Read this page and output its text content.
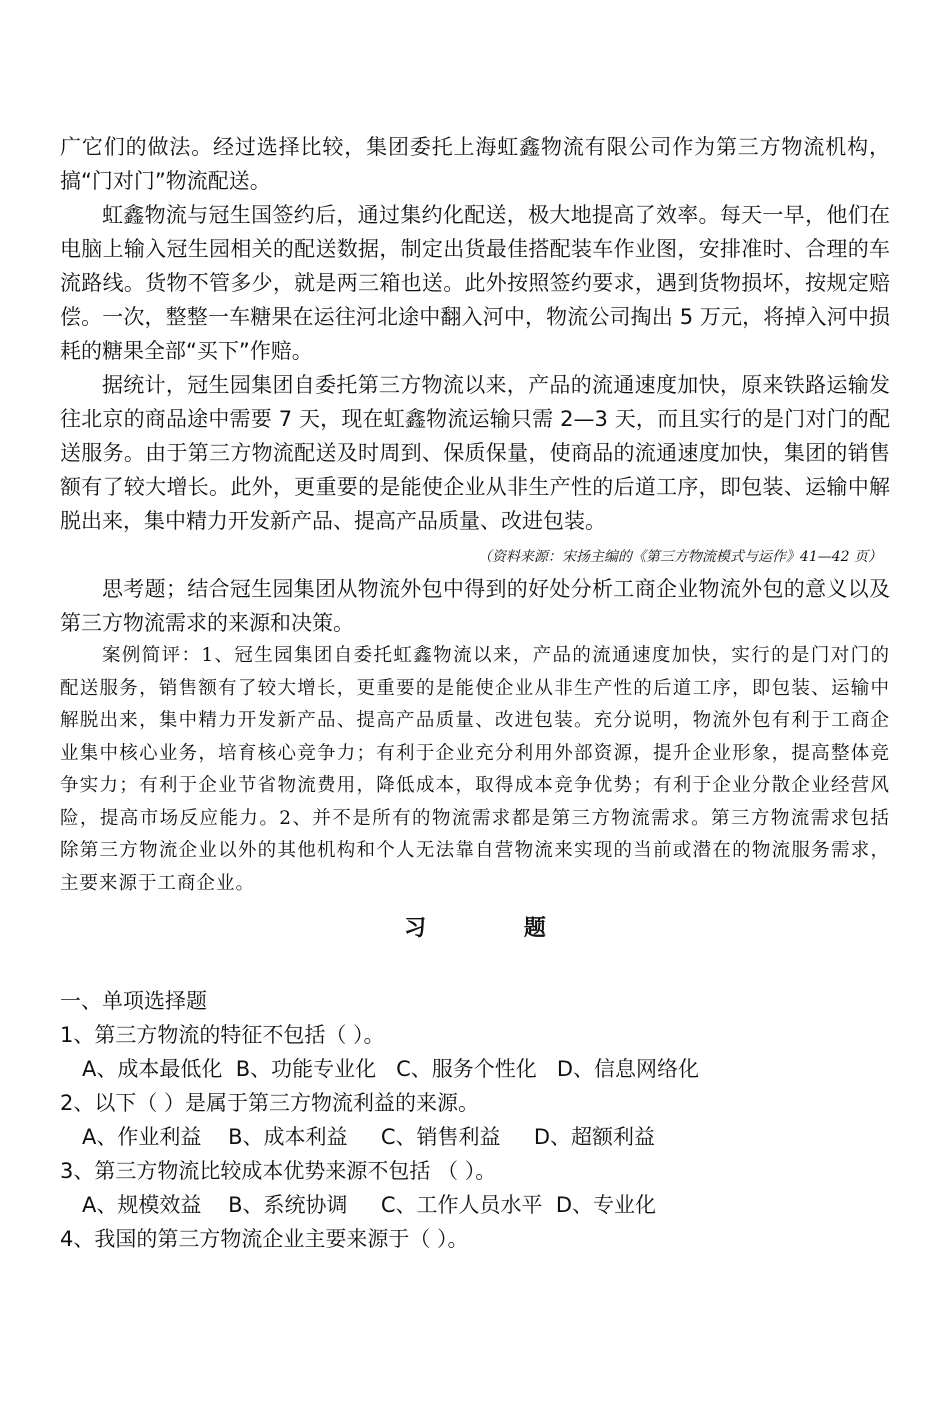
广它们的做法。经过选择比较，集团委托上海虹鑫物流有限公司作为第三方物流机构，搞“门对门”物流配送。

虹鑫物流与冠生国签约后，通过集约化配送，极大地提高了效率。每天一早，他们在电脑上输入冠生园相关的配送数据，制定出货最佳搭配装车作业图，安排准时、合理的车流路线。货物不管多少，就是两三箱也送。此外按照签约要求，遇到货物损坏，按规定赔偿。一次，整整一车糖果在运往河北途中翻入河中，物流公司掏出 5 万元，将掉入河中损耗的糖果全部“买下”作赔。

据统计，冠生园集团自委托第三方物流以来，产品的流通速度加快，原来铁路运输发往北京的商品途中需要 7 天，现在虹鑫物流运输只需 2—3 天，而且实行的是门对门的配送服务。由于第三方物流配送及时周到、保质保量，使商品的流通速度加快，集团的销售额有了较大增长。此外，更重要的是能使企业从非生产性的后道工序，即包装、运输中解脱出来，集中精力开发新产品、提高产品质量、改进包装。

（资料来源：宋扬主编的《第三方物流模式与运作》41—42 页）

思考题；结合冠生园集团从物流外包中得到的好处分析工商企业物流外包的意义以及第三方物流需求的来源和决策。

案例简评：1、冠生园集团自委托虹鑫物流以来，产品的流通速度加快，实行的是门对门的配送服务，销售额有了较大增长，更重要的是能使企业从非生产性的后道工序，即包装、运输中解脱出来，集中精力开发新产品、提高产品质量、改进包装。充分说明，物流外包有利于工商企业集中核心业务，培育核心竞争力；有利于企业充分利用外部资源，提升企业形象，提高整体竞争实力；有利于企业节省物流费用，降低成本，取得成本竞争优势；有利于企业分散企业经营风险，提高市场反应能力。2、并不是所有的物流需求都是第三方物流需求。第三方物流需求包括除第三方物流企业以外的其他机构和个人无法靠自营物流来实现的当前或潜在的物流服务需求，主要来源于工商企业。

习 题

一、单项选择题

1、第三方物流的特征不包括（ ）。

A、成本最低化  B、功能专业化   C、服务个性化   D、信息网络化

2、以下（ ）是属于第三方物流利益的来源。

A、作业利益    B、成本利益     C、销售利益     D、超额利益

3、第三方物流比较成本优势来源不包括 （ ）。

A、规模效益    B、系统协调     C、工作人员水平  D、专业化

4、我国的第三方物流企业主要来源于（ ）。
